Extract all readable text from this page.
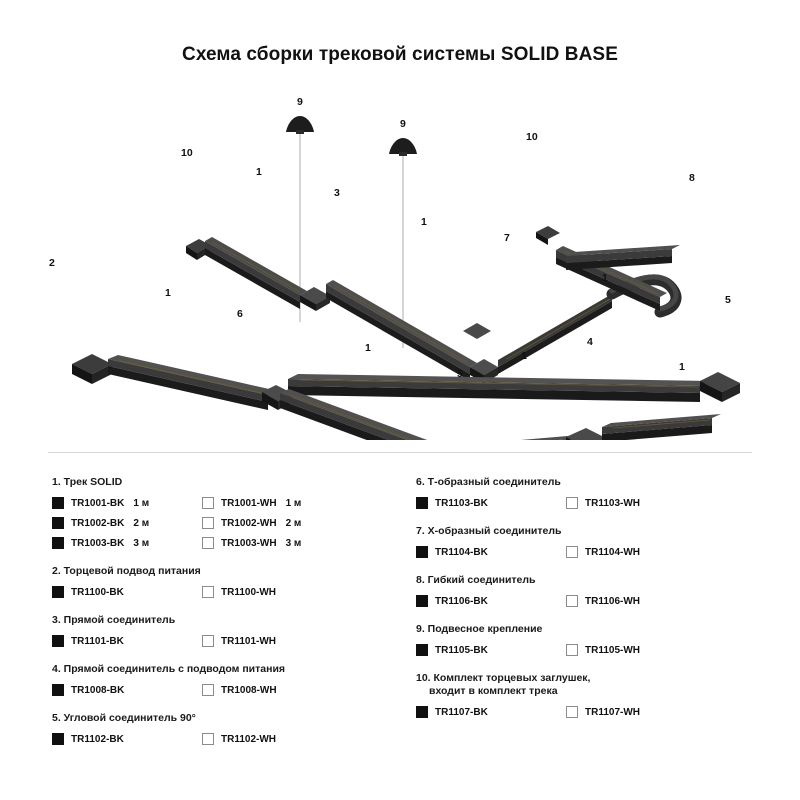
Схема сборки трековой системы SOLID BASE
9
9
10
10
1
3
8
1
7
2
1
1
5
6
1
1
4
1
5
1. Трек SOLID
TR1001-BK 1 м	TR1001-WH 1 м
TR1002-BK 2 м	TR1002-WH 2 м
TR1003-BK 3 м	TR1003-WH 3 м
2. Торцевой подвод питания
TR1100-BK	TR1100-WH
3. Прямой соединитель
TR1101-BK	TR1101-WH
4. Прямой соединитель с подводом питания
TR1008-BK	TR1008-WH
5. Угловой соединитель 90°
TR1102-BK	TR1102-WH
6. Т-образный соединитель
TR1103-BK	TR1103-WH
7. Х-образный соединитель
TR1104-BK	TR1104-WH
8. Гибкий соединитель
TR1106-BK	TR1106-WH
9. Подвесное крепление
TR1105-BK	TR1105-WH
10. Комплект торцевых заглушек,
входит в комплект трека
TR1107-BK	TR1107-WH
